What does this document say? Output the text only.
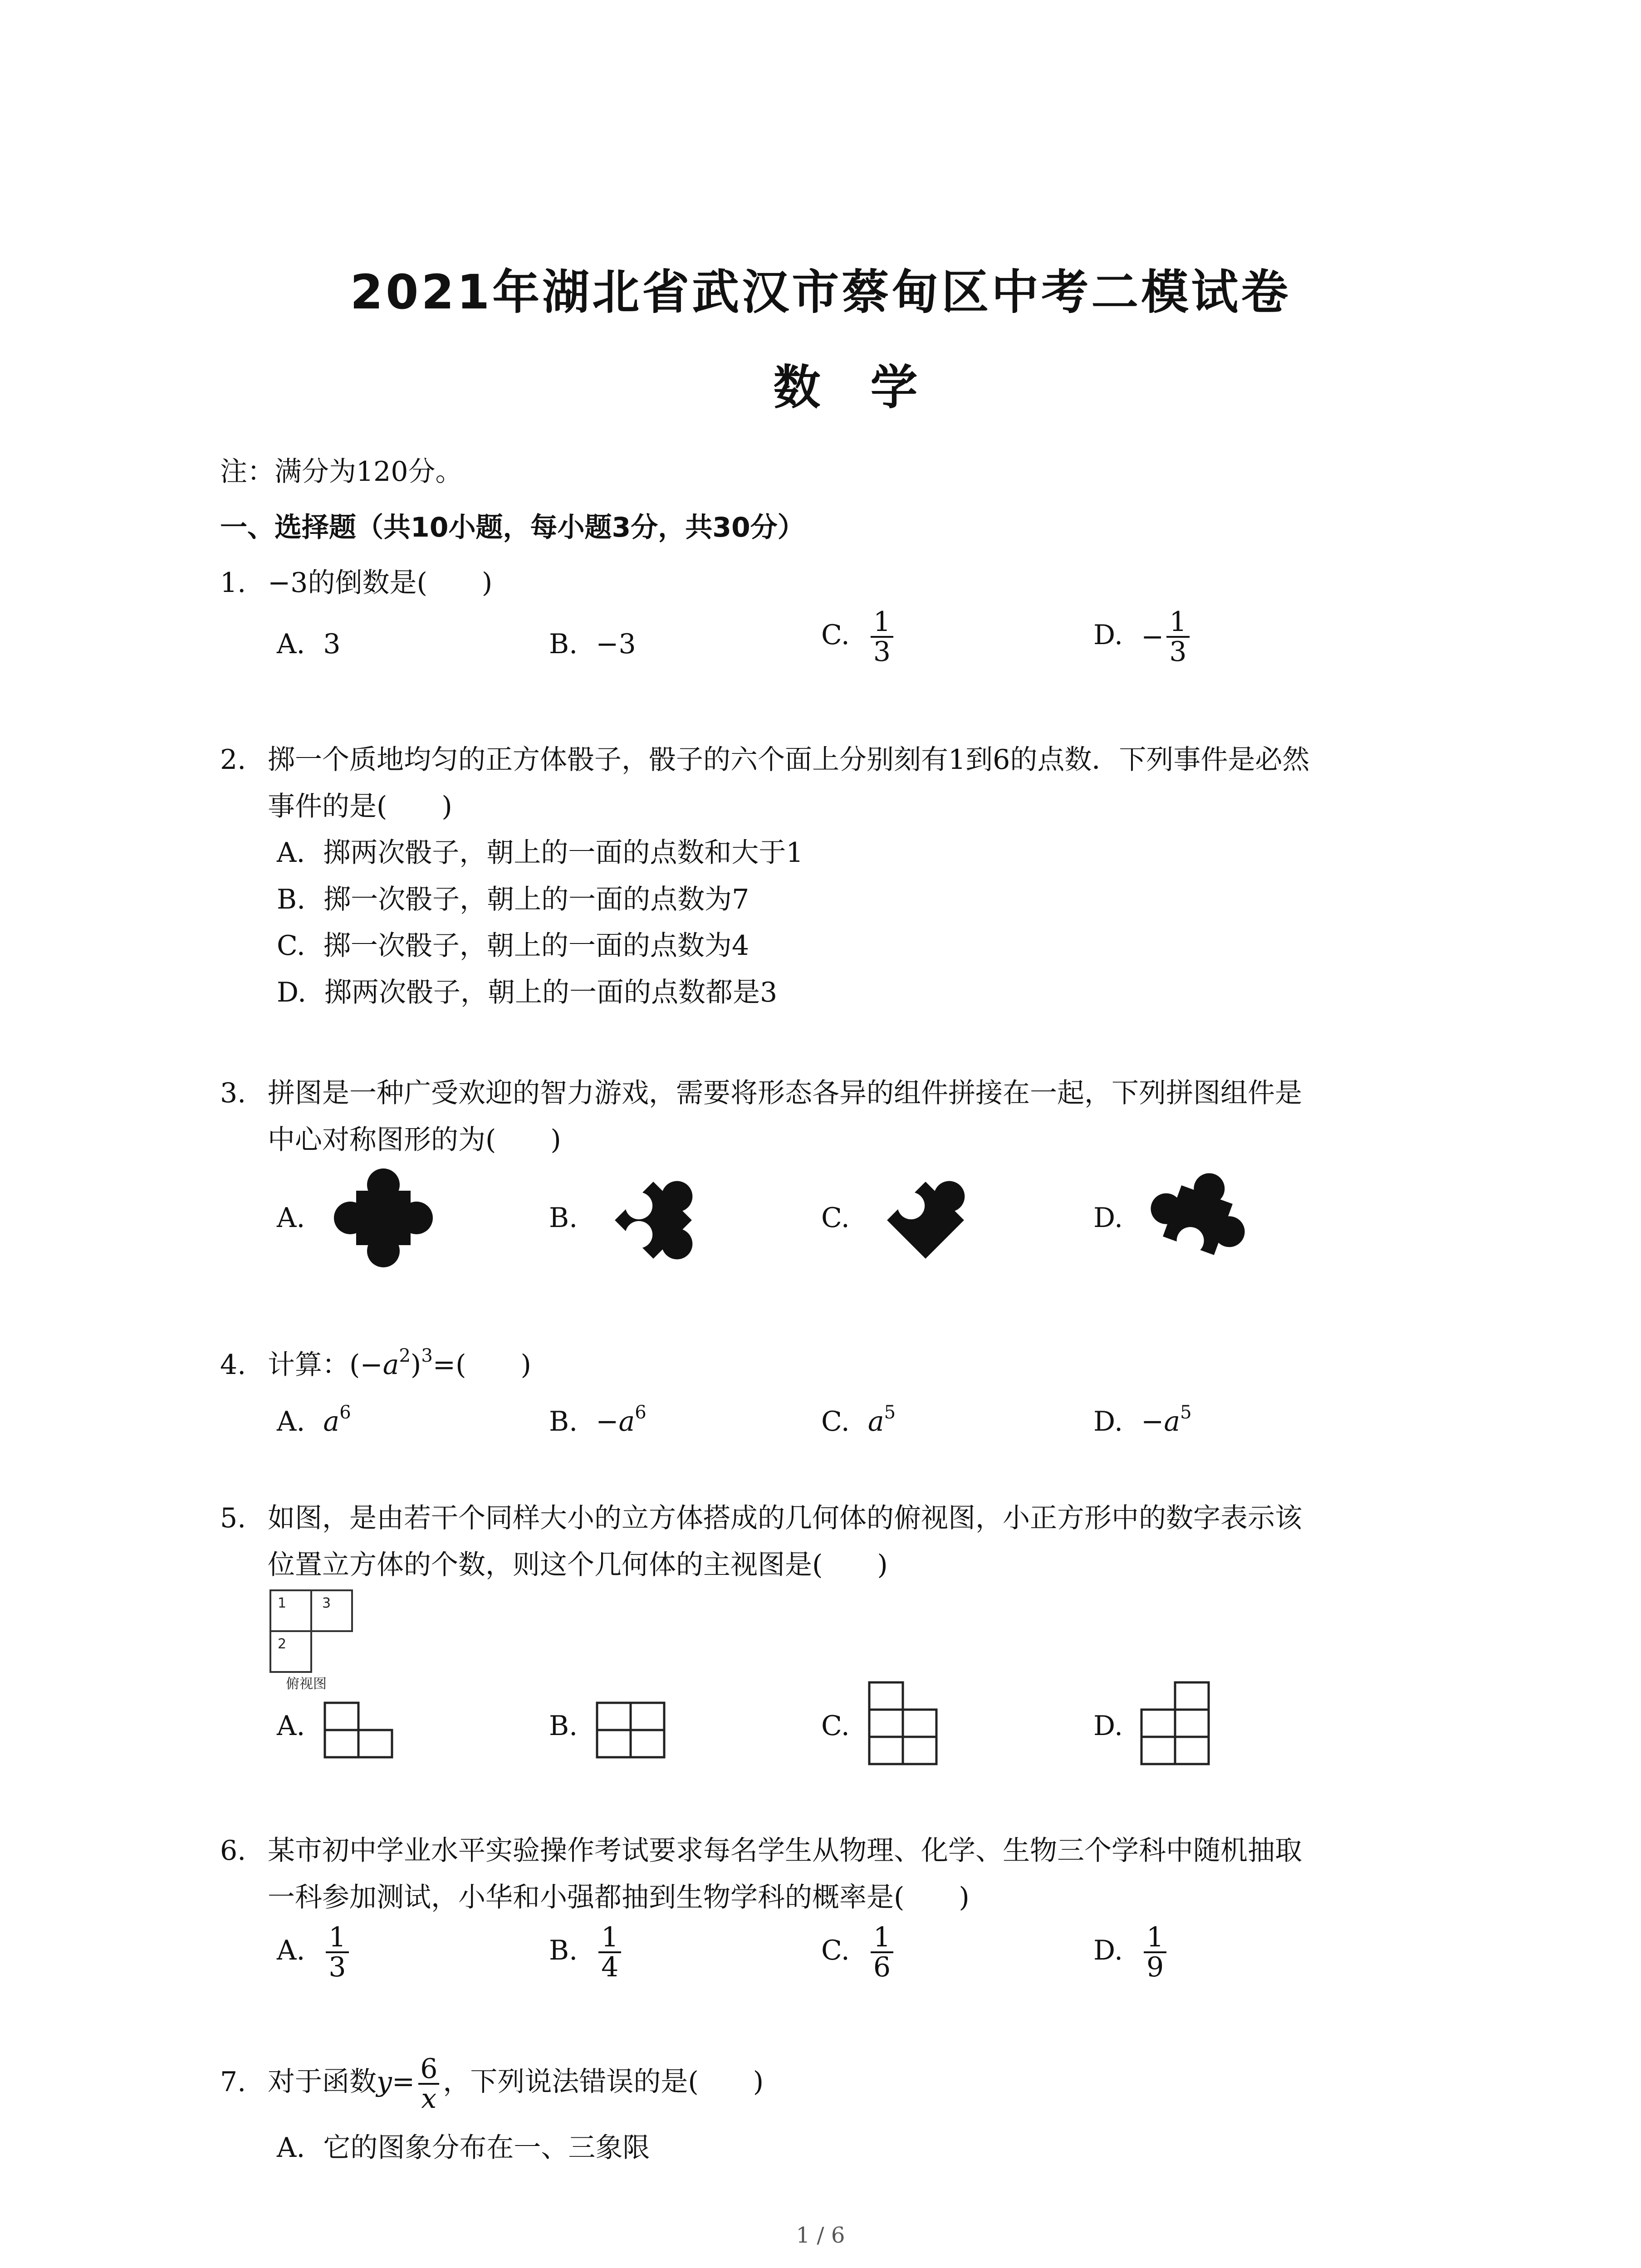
2021年湖北省武汉市蔡甸区中考二模试卷
数学
注：满分为120分。
一、选择题（共10小题，每小题3分，共30分）
1. −3的倒数是(　　)
A. 3	B. −3	C. $\frac{1}{3}$	D. − $\frac{1}{3}$
2. 掷一个质地均匀的正方体骰子，骰子的六个面上分别刻有1到6的点数．下列事件是必然
事件的是(　　)
A. 掷两次骰子，朝上的一面的点数和大于1
B. 掷一次骰子，朝上的一面的点数为7
C. 掷一次骰子，朝上的一面的点数为4
D. 掷两次骰子，朝上的一面的点数都是3
3. 拼图是一种广受欢迎的智力游戏，需要将形态各异的组件拼接在一起，下列拼图组件是
中心对称图形的为(　　)
A.	B.	C.	D.
4. 计算：$(-a^2)^3=$(　　)
A. $a^6$	B. $-a^6$	C. $a^5$	D. $-a^5$
5. 如图，是由若干个同样大小的立方体搭成的几何体的俯视图，小正方形中的数字表示该
位置立方体的个数，则这个几何体的主视图是(　　)
1	3
2
俯视图
A.	B.	C.	D.
6. 某市初中学业水平实验操作考试要求每名学生从物理、化学、生物三个学科中随机抽取
一科参加测试，小华和小强都抽到生物学科的概率是(　　)
A. $\frac{1}{3}$	B. $\frac{1}{4}$	C. $\frac{1}{6}$	D. $\frac{1}{9}$
7. 对于函数$y= \frac{6}{x}$ ，下列说法错误的是(　　)
A. 它的图象分布在一、三象限
1 / 6
